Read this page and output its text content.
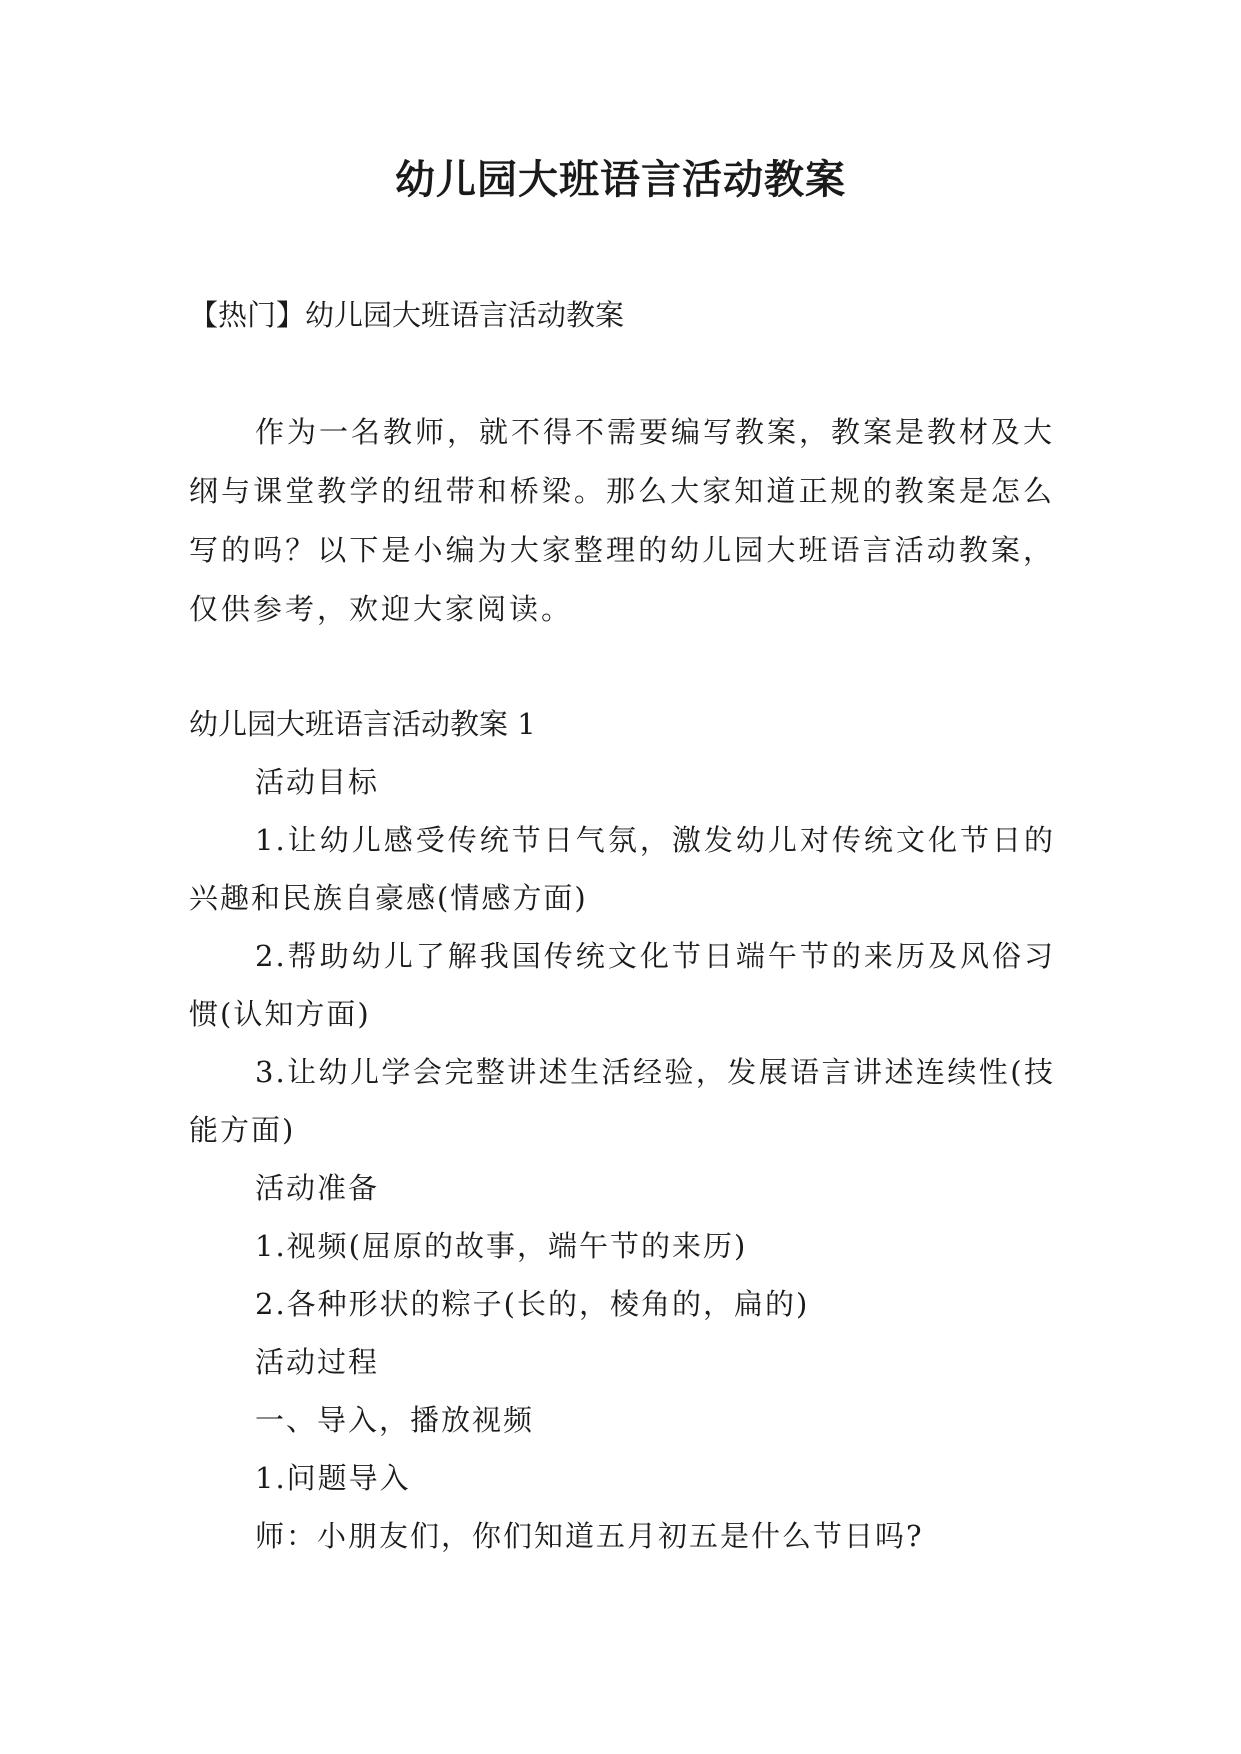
幼儿园大班语言活动教案

【热门】幼儿园大班语言活动教案

作为一名教师，就不得不需要编写教案，教案是教材及大纲与课堂教学的纽带和桥梁。那么大家知道正规的教案是怎么写的吗？以下是小编为大家整理的幼儿园大班语言活动教案，仅供参考，欢迎大家阅读。

幼儿园大班语言活动教案 1

活动目标

1.让幼儿感受传统节日气氛，激发幼儿对传统文化节日的兴趣和民族自豪感(情感方面)

2.帮助幼儿了解我国传统文化节日端午节的来历及风俗习惯(认知方面)

3.让幼儿学会完整讲述生活经验，发展语言讲述连续性(技能方面)

活动准备

1.视频(屈原的故事，端午节的来历)

2.各种形状的粽子(长的，棱角的，扁的)

活动过程

一、导入，播放视频

1.问题导入

师：小朋友们，你们知道五月初五是什么节日吗?
